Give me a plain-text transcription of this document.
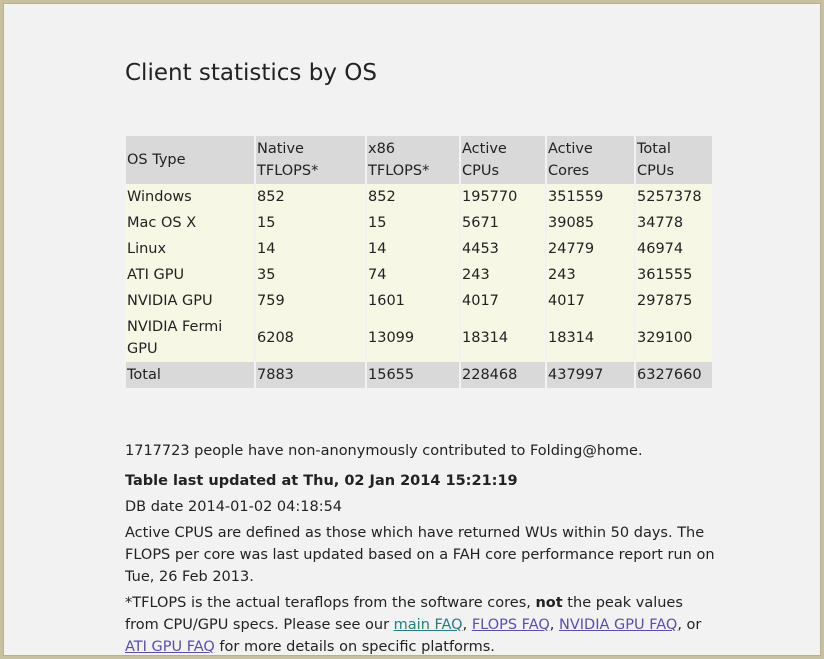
Client statistics by OS
OS Type	Native TFLOPS*	x86 TFLOPS*	Active CPUs	Active Cores	Total CPUs
Windows	852	852	195770	351559	5257378
Mac OS X	15	15	5671	39085	34778
Linux	14	14	4453	24779	46974
ATI GPU	35	74	243	243	361555
NVIDIA GPU	759	1601	4017	4017	297875
NVIDIA Fermi GPU	6208	13099	18314	18314	329100
Total	7883	15655	228468	437997	6327660
1717723 people have non-anonymously contributed to Folding@home.
Table last updated at Thu, 02 Jan 2014 15:21:19
DB date 2014-01-02 04:18:54
Active CPUS are defined as those which have returned WUs within 50 days. The FLOPS per core was last updated based on a FAH core performance report run on Tue, 26 Feb 2013.
*TFLOPS is the actual teraflops from the software cores, not the peak values from CPU/GPU specs. Please see our main FAQ, FLOPS FAQ, NVIDIA GPU FAQ, or ATI GPU FAQ for more details on specific platforms.
